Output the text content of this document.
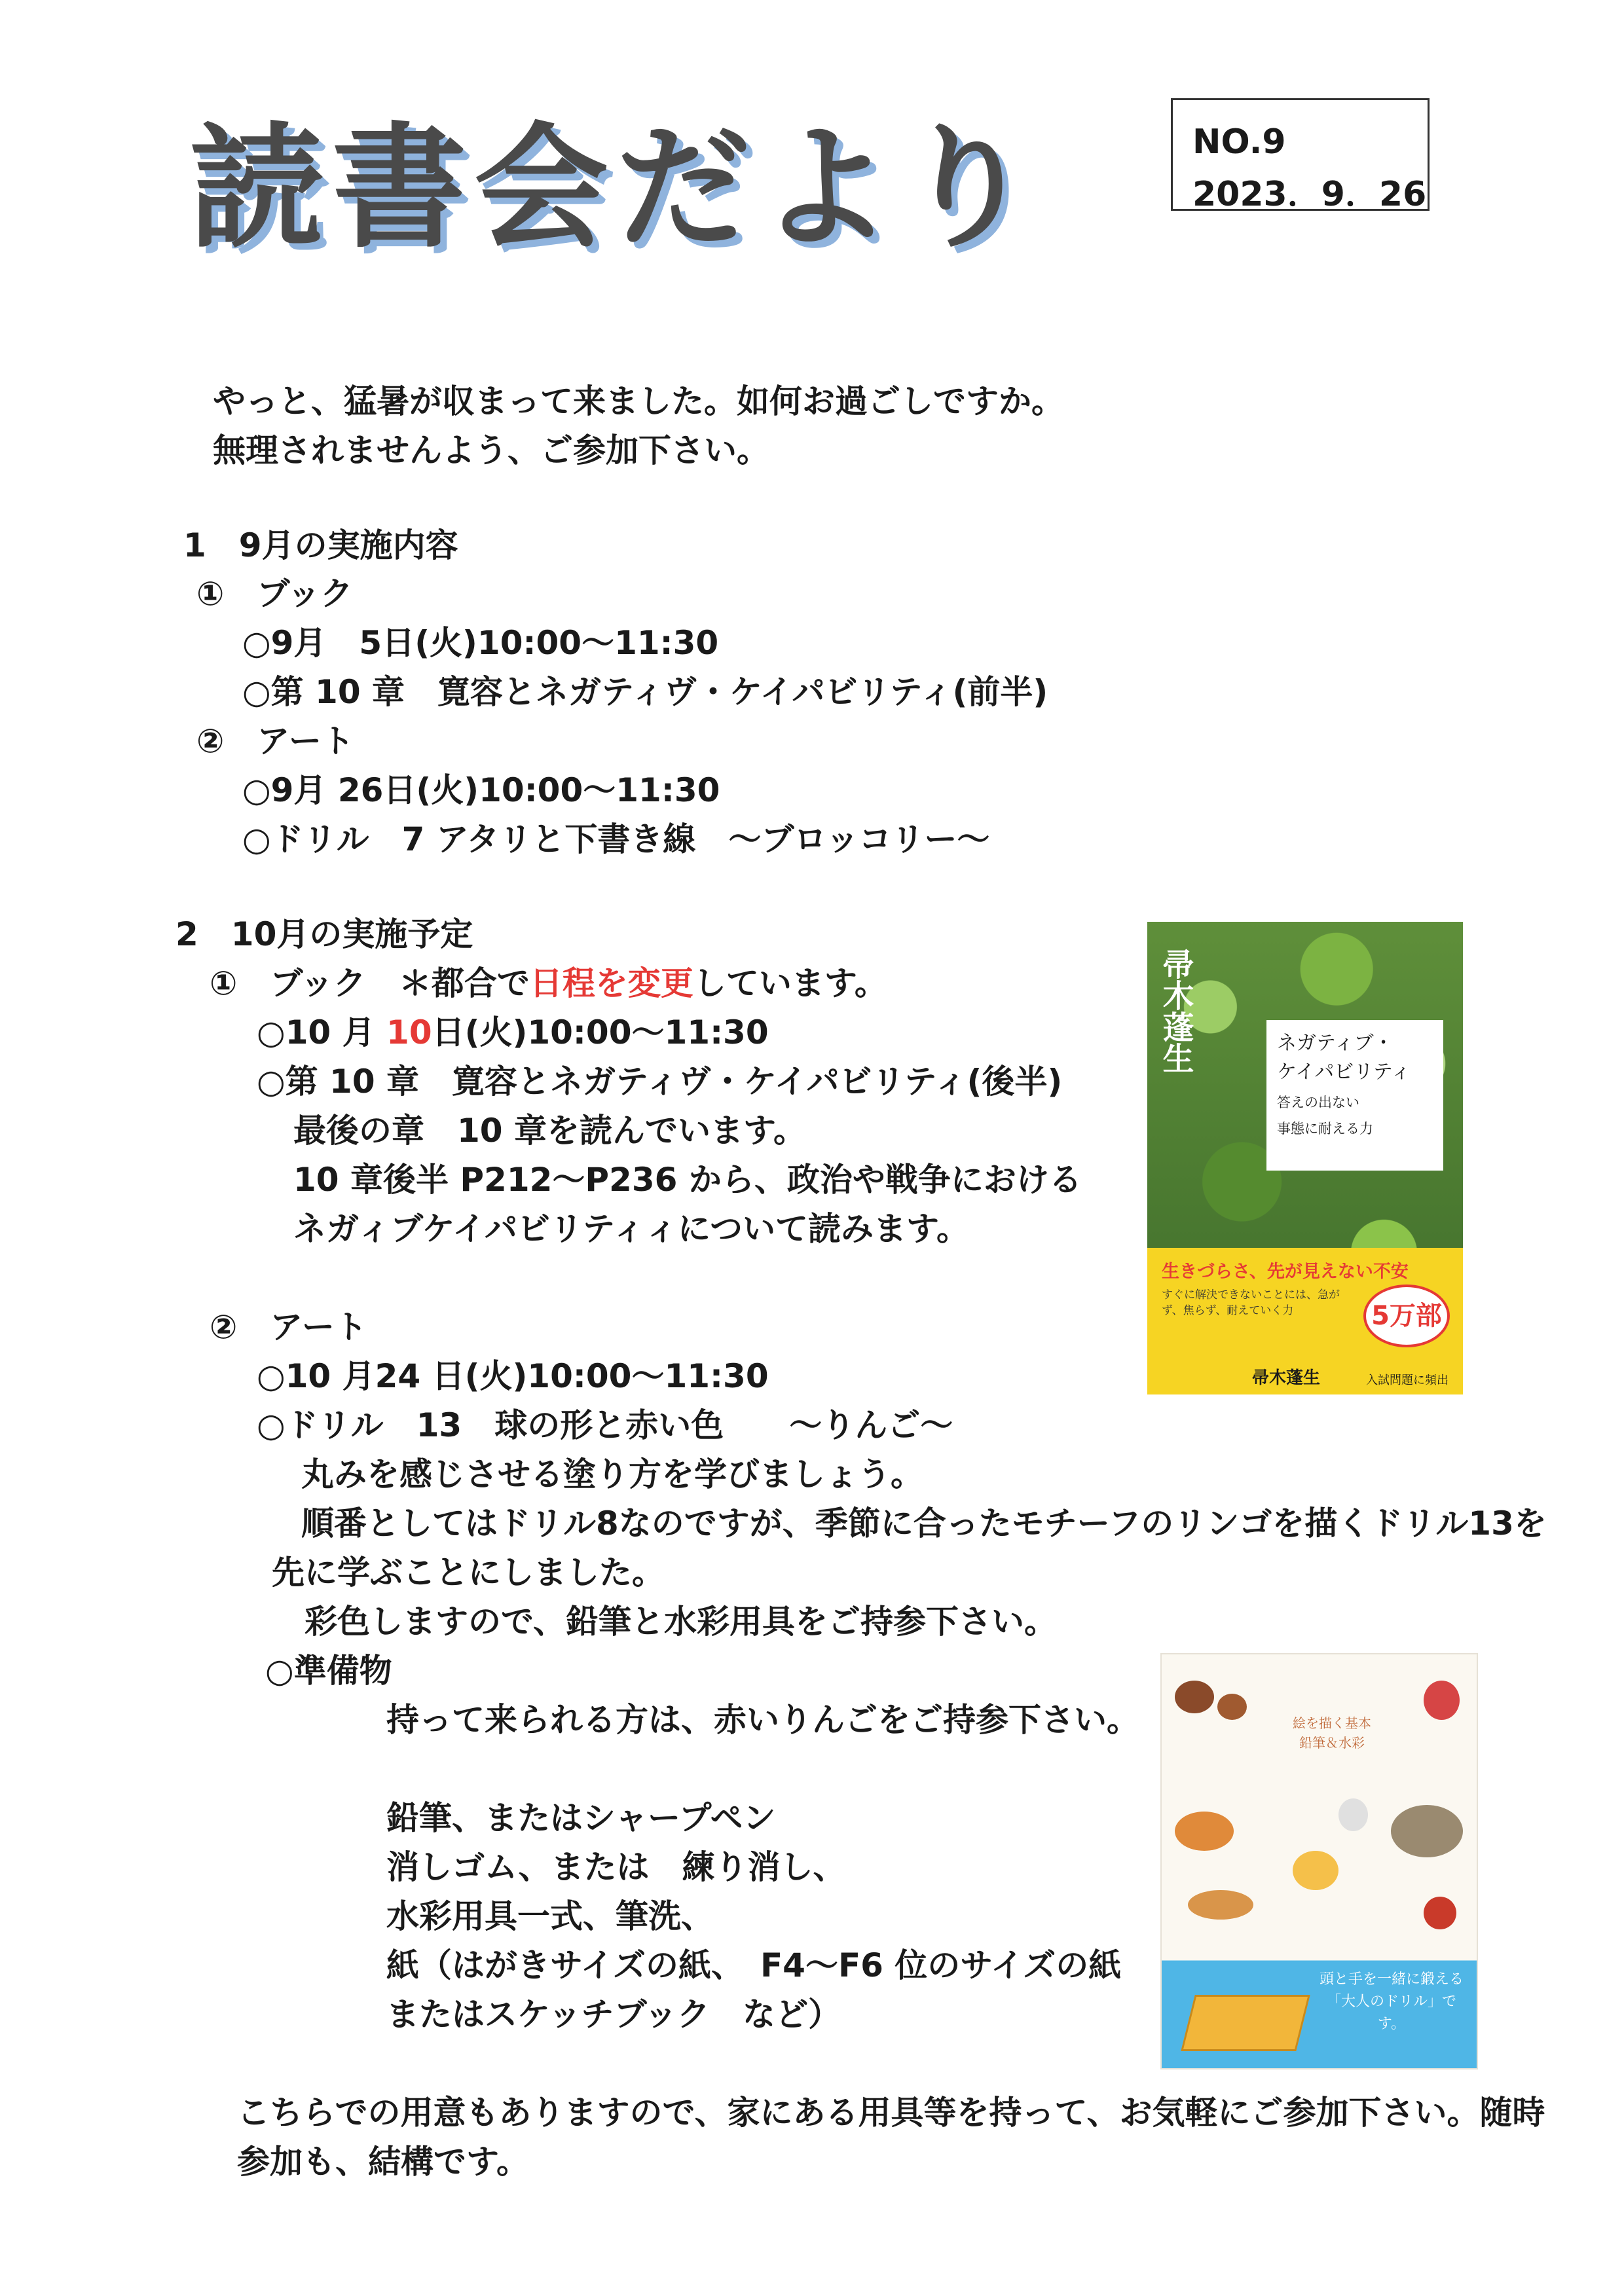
読書会だより	NO.9
2023．9．26
やっと、猛暑が収まって来ました。如何お過ごしですか。
無理されませんよう、ご参加下さい。
1　9月の実施内容
①　ブック
○9月　5日(火)10:00～11:30
○第 10 章　寛容とネガティヴ・ケイパビリティ(前半)
②　アート
○9月 26日(火)10:00～11:30
○ドリル　7 アタリと下書き線　～ブロッコリー～
2　10月の実施予定
①　ブック　＊都合で日程を変更しています。
○10 月 10日(火)10:00～11:30
○第 10 章　寛容とネガティヴ・ケイパビリティ(後半)
最後の章　10 章を読んでいます。
10 章後半 P212～P236 から、政治や戦争における
ネガィブケイパビリティィについて読みます。
②　アート
○10 月24 日(火)10:00～11:30
○ドリル　13　球の形と赤い色　　～りんご～
丸みを感じさせる塗り方を学びましょう。
順番としてはドリル8なのですが、季節に合ったモチーフのリンゴを描くドリル13を
先に学ぶことにしました。
彩色しますので、鉛筆と水彩用具をご持参下さい。
○準備物
持って来られる方は、赤いりんごをご持参下さい。
鉛筆、またはシャープペン
消しゴム、または　練り消し、
水彩用具一式、筆洗、
紙（はがきサイズの紙、　F4～F6 位のサイズの紙
またはスケッチブック　など）
こちらでの用意もありますので、家にある用具等を持って、お気軽にご参加下さい。随時
参加も、結構です。
帚木蓬生	ネガティブ・
ケイパビリティ
答えの出ない
事態に耐える力
生きづらさ、先が見えない不安
すぐに解決できないことには、急がず、焦らず、耐えていく力	5万部
帚木蓬生	入試問題に頻出
絵を描く基本
鉛筆＆水彩
頭と手を一緒に鍛える
「大人のドリル」です。
